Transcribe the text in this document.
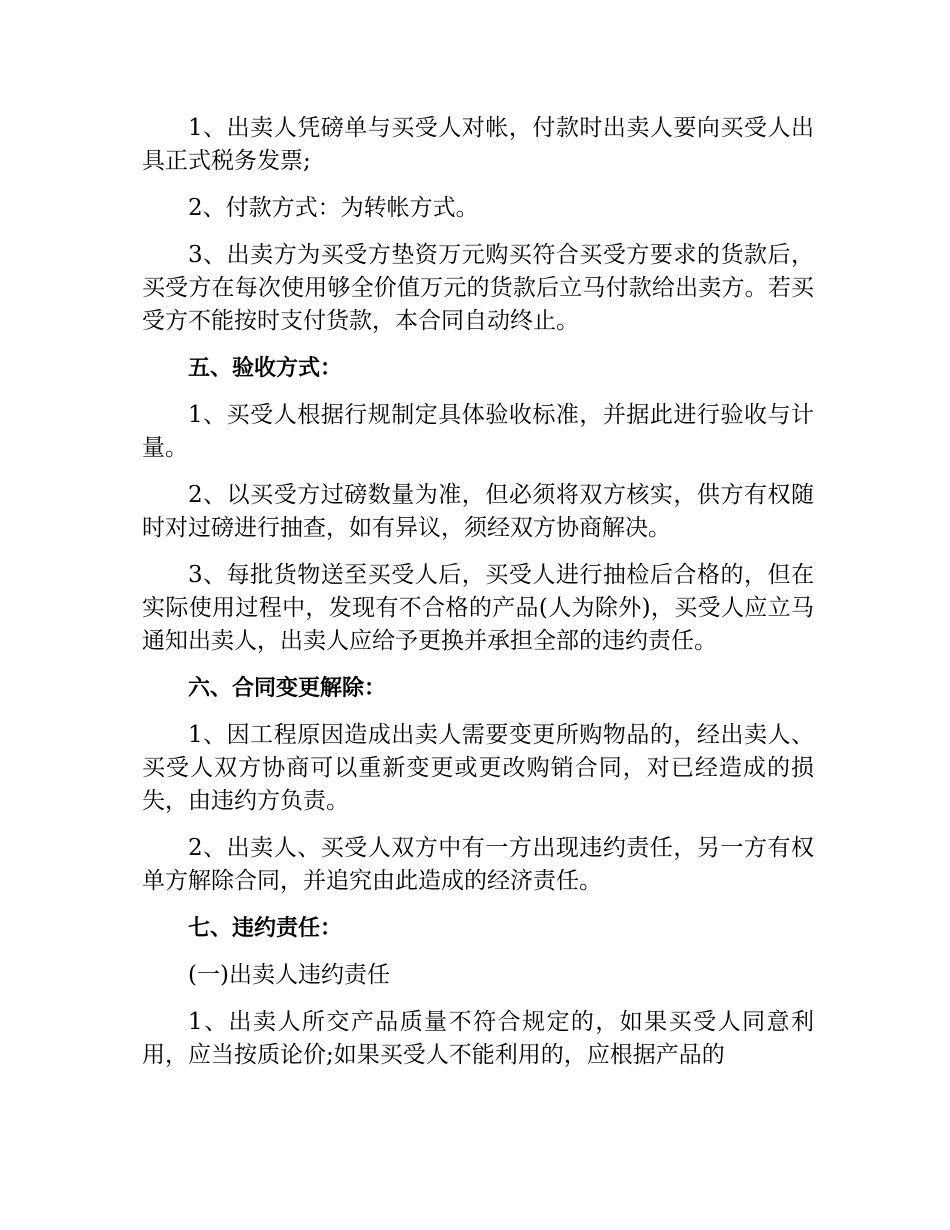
1、出卖人凭磅单与买受人对帐，付款时出卖人要向买受人出具正式税务发票;

2、付款方式：为转帐方式。

3、出卖方为买受方垫资万元购买符合买受方要求的货款后，买受方在每次使用够全价值万元的货款后立马付款给出卖方。若买受方不能按时支付货款，本合同自动终止。

五、验收方式：

1、买受人根据行规制定具体验收标准，并据此进行验收与计量。

2、以买受方过磅数量为准，但必须将双方核实，供方有权随时对过磅进行抽查，如有异议，须经双方协商解决。

3、每批货物送至买受人后，买受人进行抽检后合格的，但在实际使用过程中，发现有不合格的产品(人为除外)，买受人应立马通知出卖人，出卖人应给予更换并承担全部的违约责任。

六、合同变更解除：

1、因工程原因造成出卖人需要变更所购物品的，经出卖人、买受人双方协商可以重新变更或更改购销合同，对已经造成的损失，由违约方负责。

2、出卖人、买受人双方中有一方出现违约责任，另一方有权单方解除合同，并追究由此造成的经济责任。

七、违约责任：

(一)出卖人违约责任

1、出卖人所交产品质量不符合规定的，如果买受人同意利用，应当按质论价;如果买受人不能利用的，应根据产品的
